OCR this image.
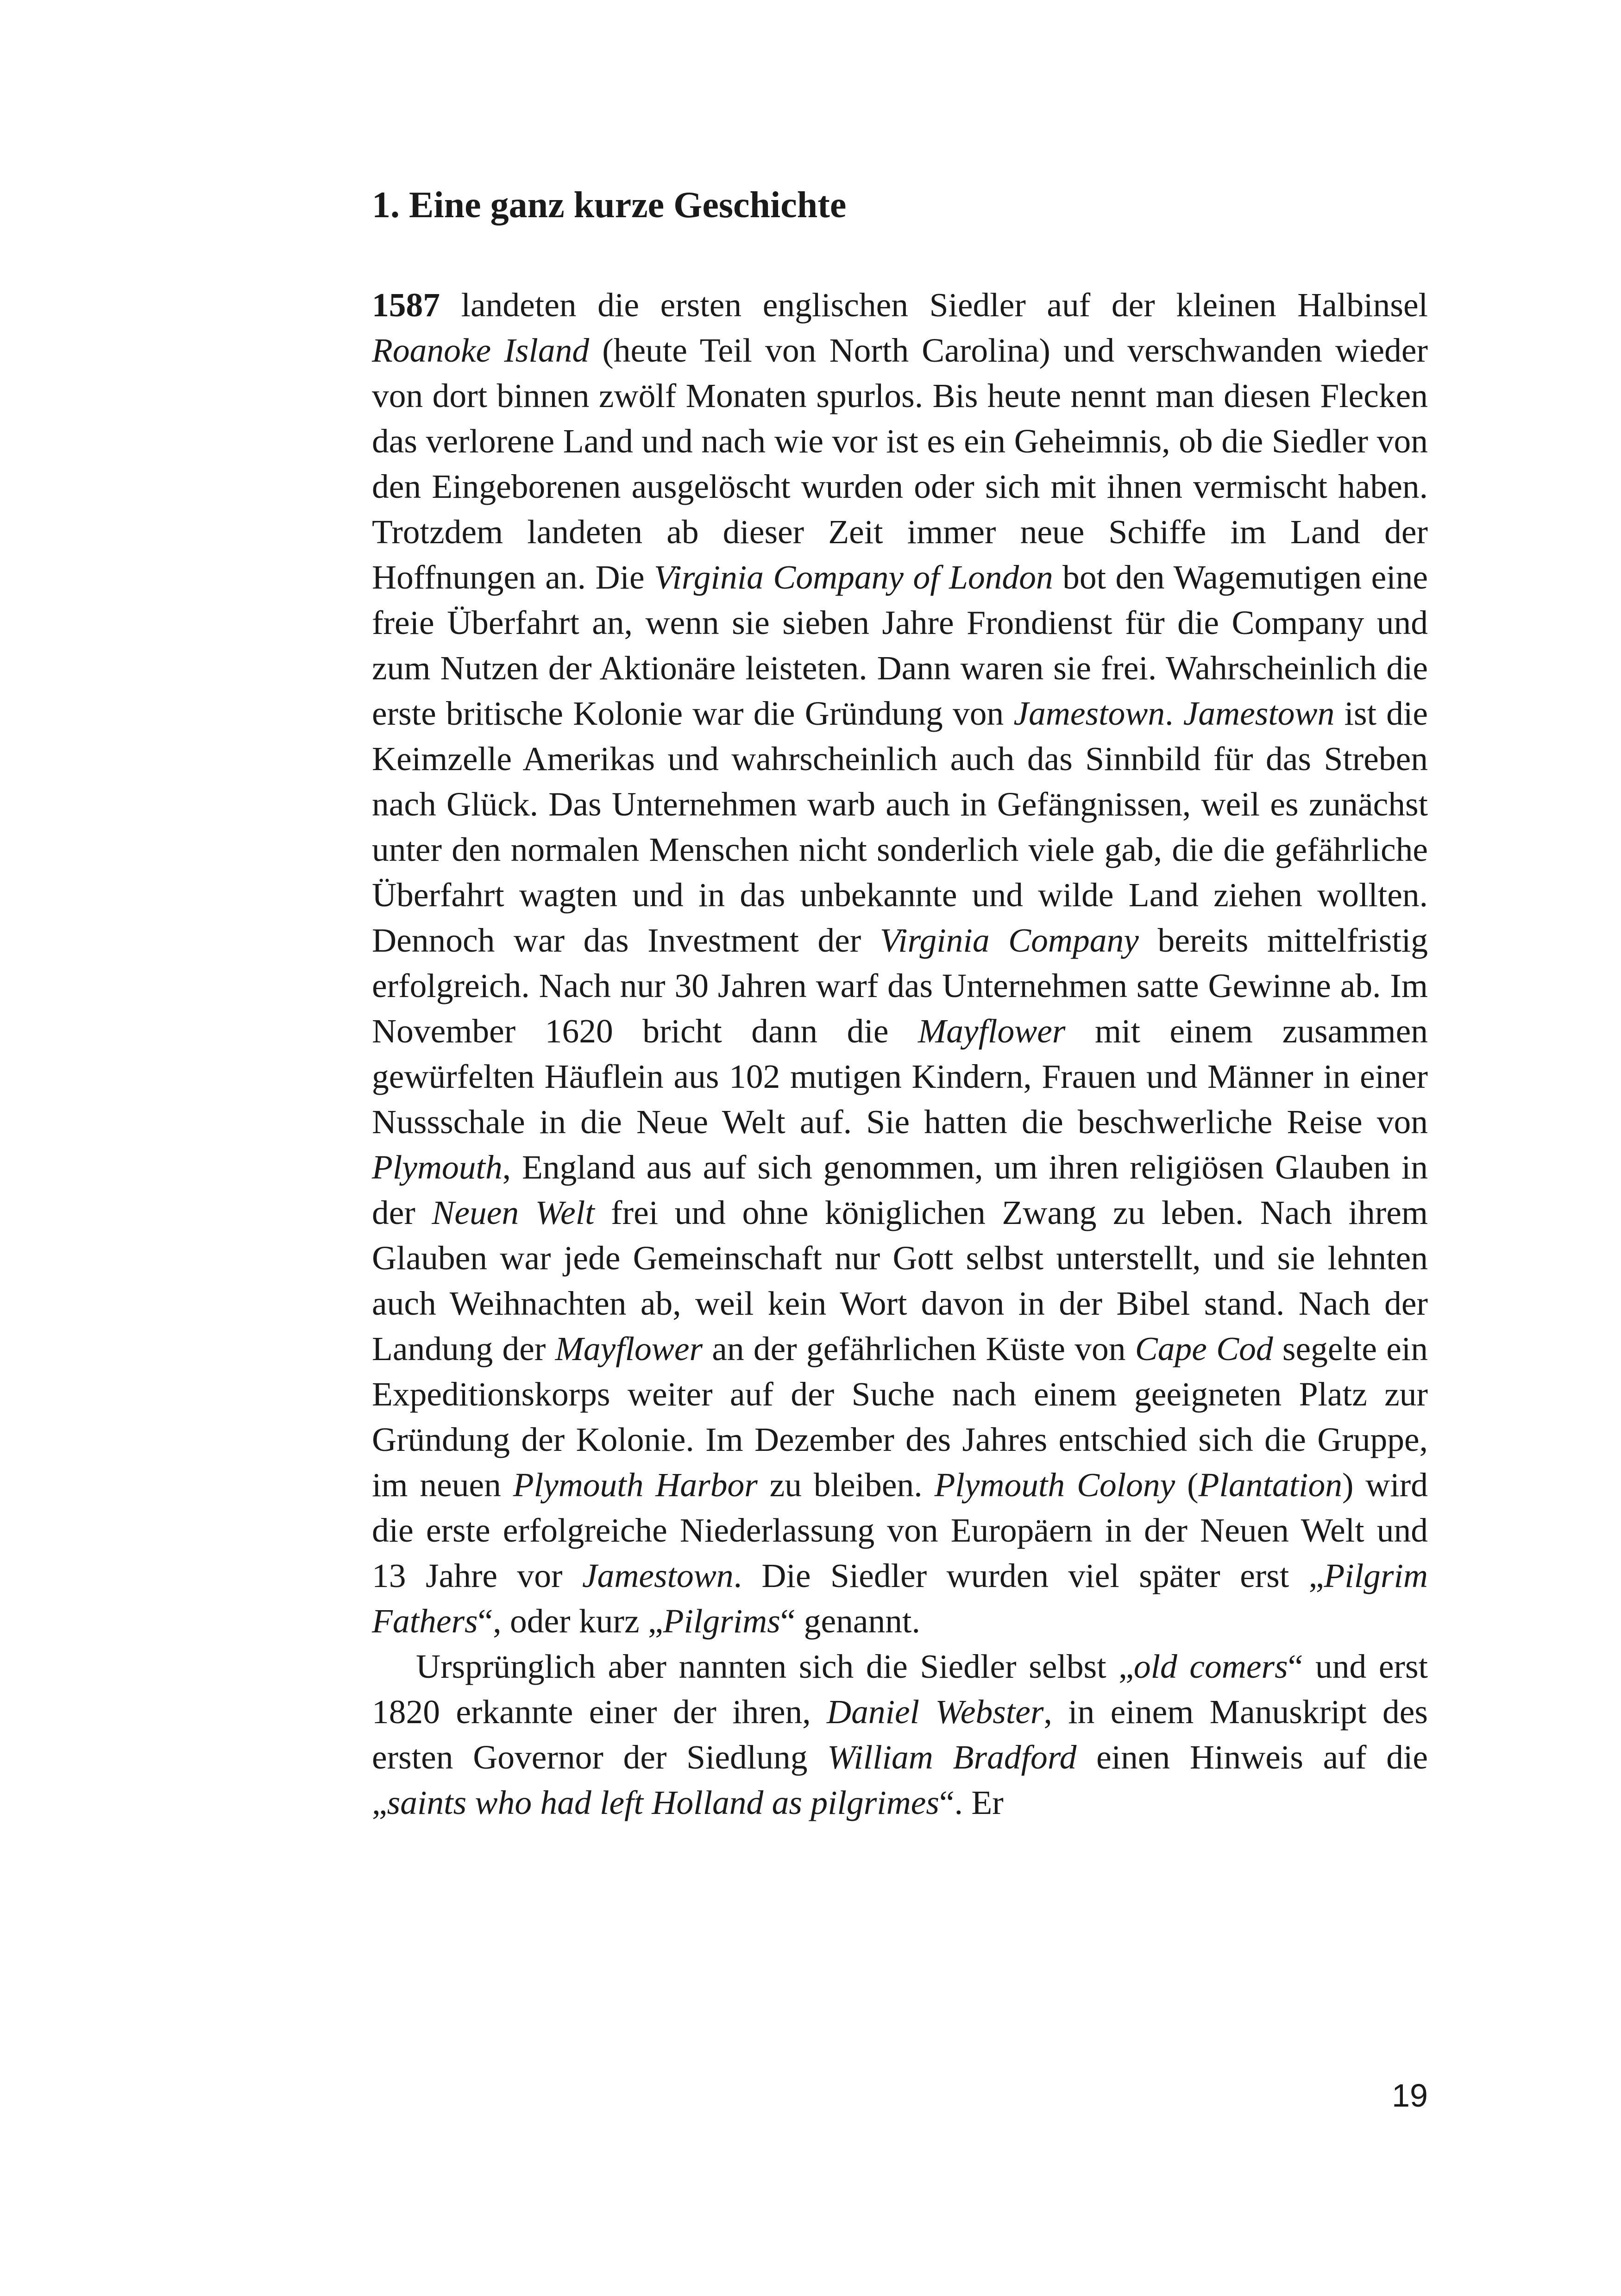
1. Eine ganz kurze Geschichte

1587 landeten die ersten englischen Siedler auf der kleinen Halbinsel Roanoke Island (heute Teil von North Carolina) und verschwanden wieder von dort binnen zwölf Monaten spurlos. Bis heute nennt man diesen Flecken das verlorene Land und nach wie vor ist es ein Geheimnis, ob die Siedler von den Eingeborenen ausgelöscht wurden oder sich mit ihnen vermischt haben. Trotzdem landeten ab dieser Zeit immer neue Schiffe im Land der Hoffnungen an. Die Virginia Company of London bot den Wagemutigen eine freie Überfahrt an, wenn sie sieben Jahre Frondienst für die Company und zum Nutzen der Aktionäre leisteten. Dann waren sie frei. Wahrscheinlich die erste britische Kolonie war die Gründung von Jamestown. Jamestown ist die Keimzelle Amerikas und wahrscheinlich auch das Sinnbild für das Streben nach Glück. Das Unternehmen warb auch in Gefängnissen, weil es zunächst unter den normalen Menschen nicht sonderlich viele gab, die die gefährliche Überfahrt wagten und in das unbekannte und wilde Land ziehen wollten. Dennoch war das Investment der Virginia Company bereits mittelfristig erfolgreich. Nach nur 30 Jahren warf das Unternehmen satte Gewinne ab. Im November 1620 bricht dann die Mayflower mit einem zusammen gewürfelten Häuflein aus 102 mutigen Kindern, Frauen und Männer in einer Nussschale in die Neue Welt auf. Sie hatten die beschwerliche Reise von Plymouth, England aus auf sich genommen, um ihren religiösen Glauben in der Neuen Welt frei und ohne königlichen Zwang zu leben. Nach ihrem Glauben war jede Gemeinschaft nur Gott selbst unterstellt, und sie lehnten auch Weihnachten ab, weil kein Wort davon in der Bibel stand. Nach der Landung der Mayflower an der gefährlichen Küste von Cape Cod segelte ein Expeditionskorps weiter auf der Suche nach einem geeigneten Platz zur Gründung der Kolonie. Im Dezember des Jahres entschied sich die Gruppe, im neuen Plymouth Harbor zu bleiben. Plymouth Colony (Plantation) wird die erste erfolgreiche Niederlassung von Europäern in der Neuen Welt und 13 Jahre vor Jamestown. Die Siedler wurden viel später erst „Pilgrim Fathers“, oder kurz „Pilgrims“ genannt.

Ursprünglich aber nannten sich die Siedler selbst „old comers“ und erst 1820 erkannte einer der ihren, Daniel Webster, in einem Manuskript des ersten Governor der Siedlung William Bradford einen Hinweis auf die „saints who had left Holland as pilgrimes“. Er

19
